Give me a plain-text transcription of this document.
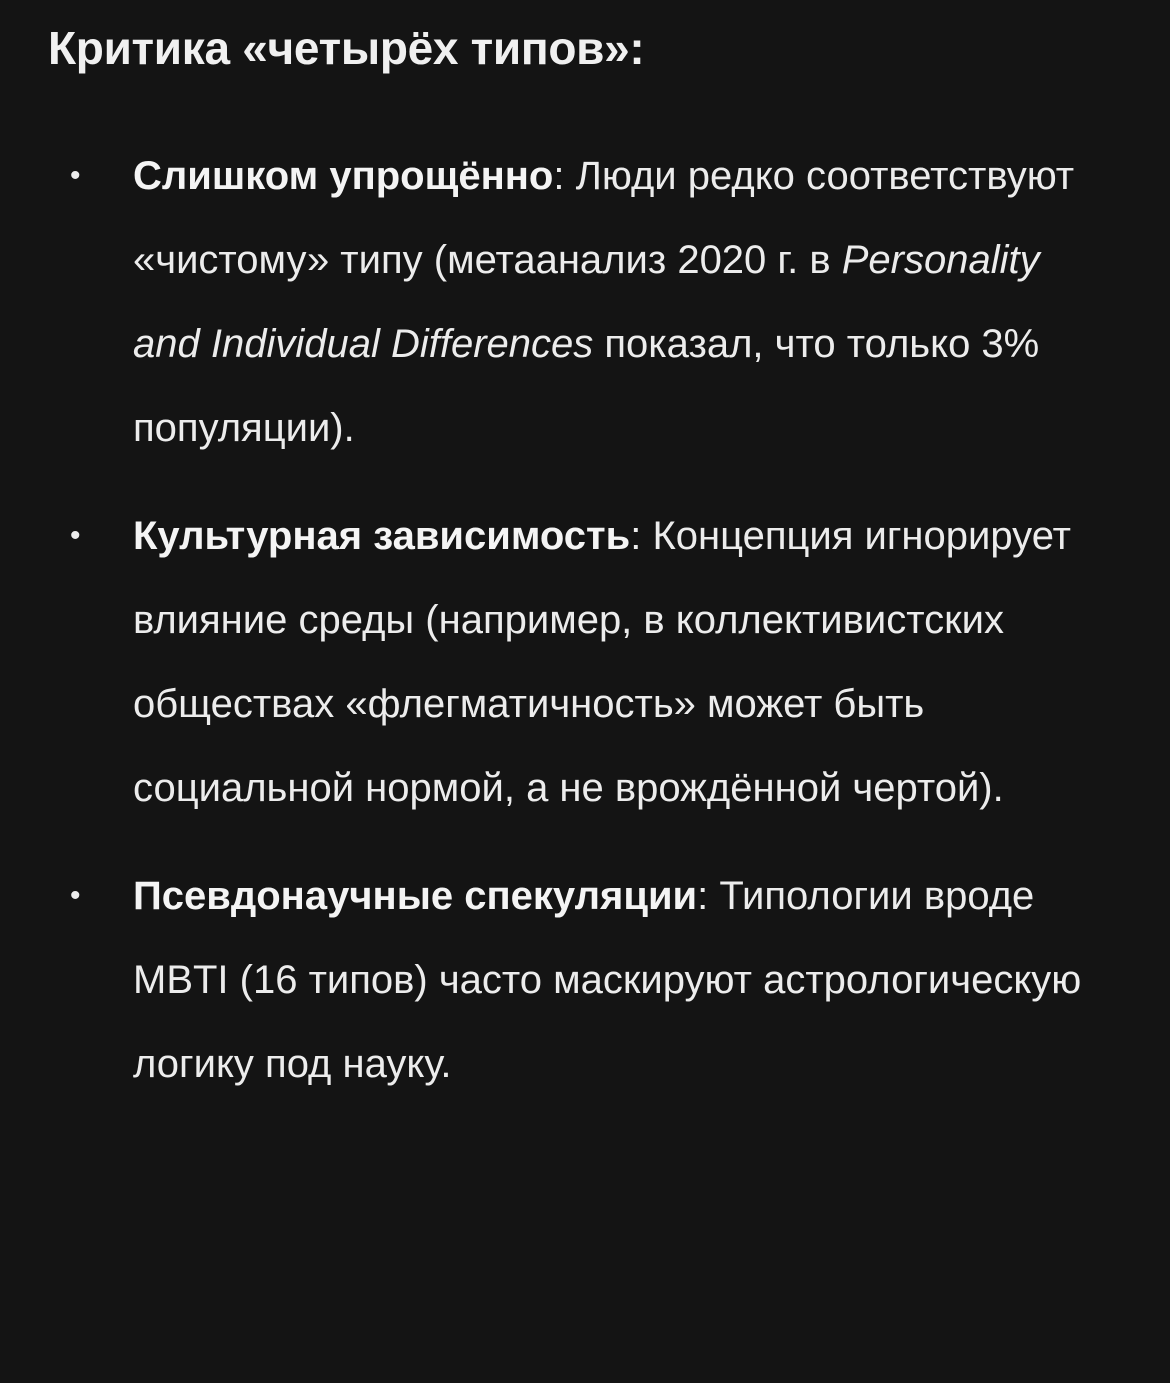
Критика «четырёх типов»:
• Слишком упрощённо: Люди редко соответствуют «чистому» типу (метаанализ 2020 г. в Personality and Individual Differences показал, что только 3% популяции).
• Культурная зависимость: Концепция игнорирует влияние среды (например, в коллективистских обществах «флегматичность» может быть социальной нормой, а не врождённой чертой).
• Псевдонаучные спекуляции: Типологии вроде MBTI (16 типов) часто маскируют астрологическую логику под науку.
